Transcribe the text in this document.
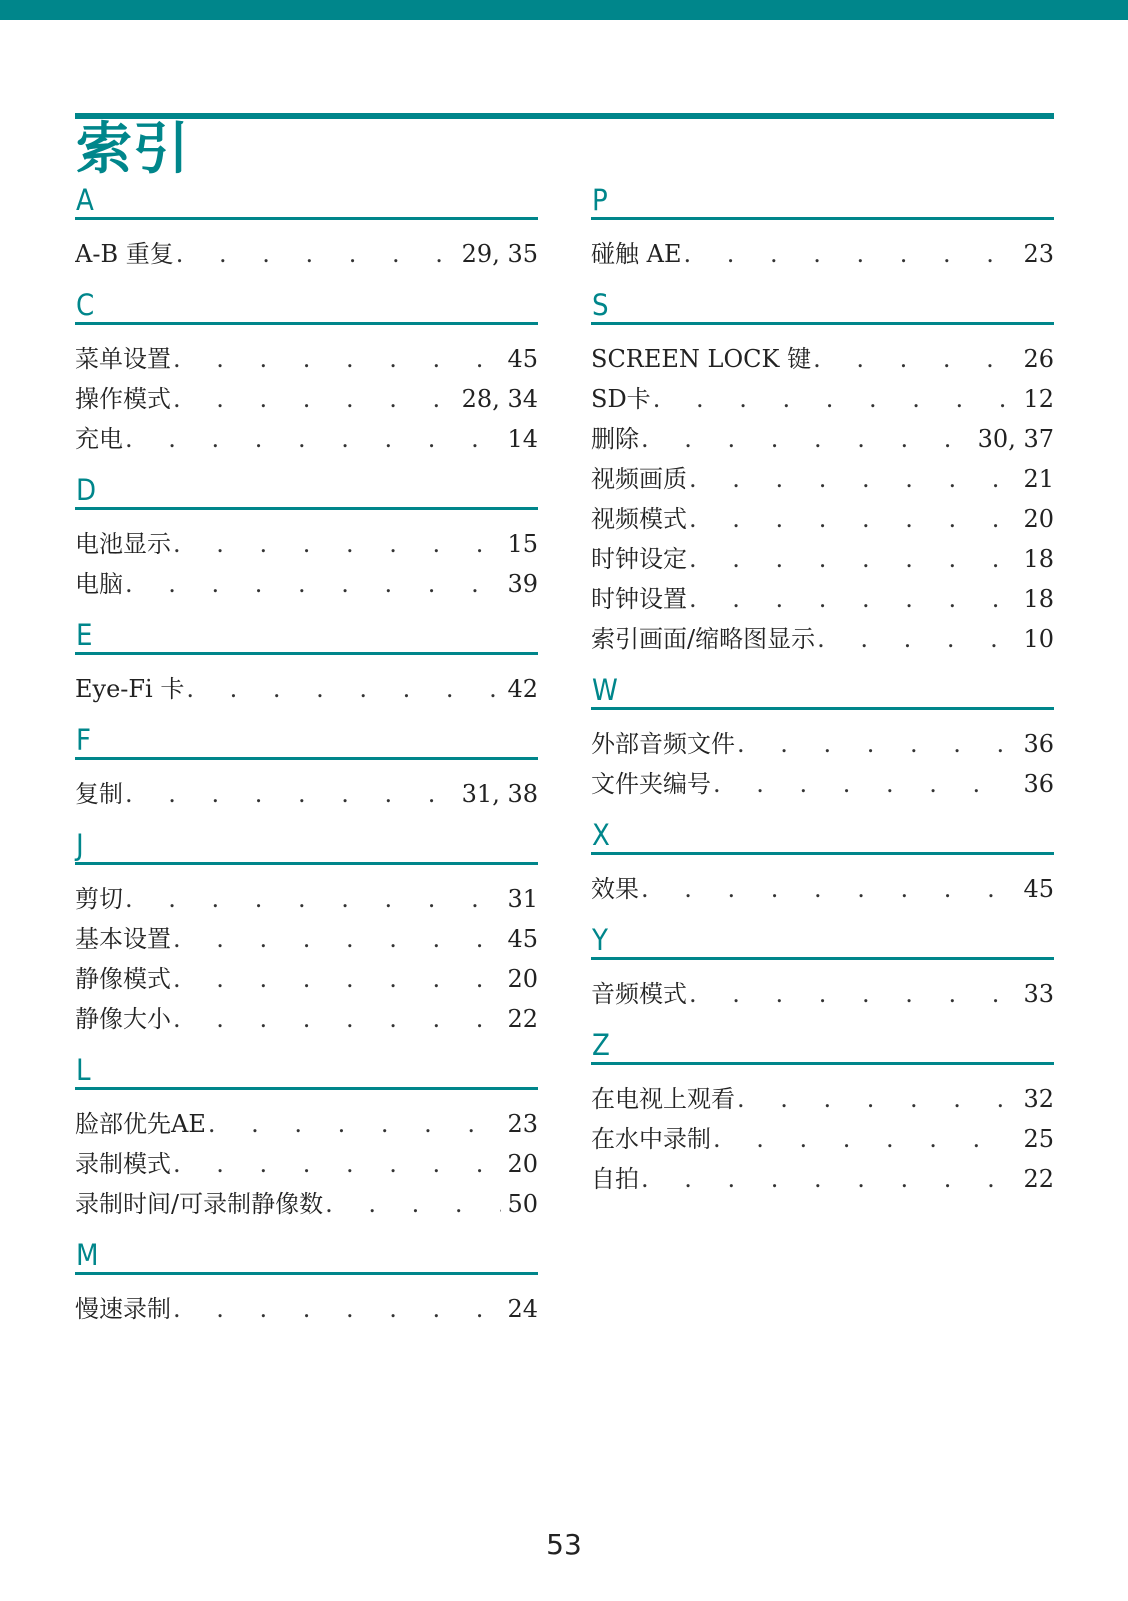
索引
A
A-B 重复 . . .	29, 35
C
菜单设置 . . .	45
操作模式 . . .	28, 34
充电 . . .	14
D
电池显示 . . .	15
电脑 . . .	39
E
Eye-Fi 卡 . . .	42
F
复制 . . .	31, 38
J
剪切 . . .	31
基本设置 . . .	45
静像模式 . . .	20
静像大小 . . .	22
L
脸部优先AE . . .	23
录制模式 . . .	20
录制时间/可录制静像数 . . .	50
M
慢速录制 . . .	24
P
碰触 AE . . .	23
S
SCREEN LOCK 键 . . .	26
SD卡 . . .	12
删除 . . .	30, 37
视频画质 . . .	21
视频模式 . . .	20
时钟设定 . . .	18
时钟设置 . . .	18
索引画面/缩略图显示 . . .	10
W
外部音频文件 . . .	36
文件夹编号 . . .	36
X
效果 . . .	45
Y
音频模式 . . .	33
Z
在电视上观看 . . .	32
在水中录制 . . .	25
自拍 . . .	22
53
